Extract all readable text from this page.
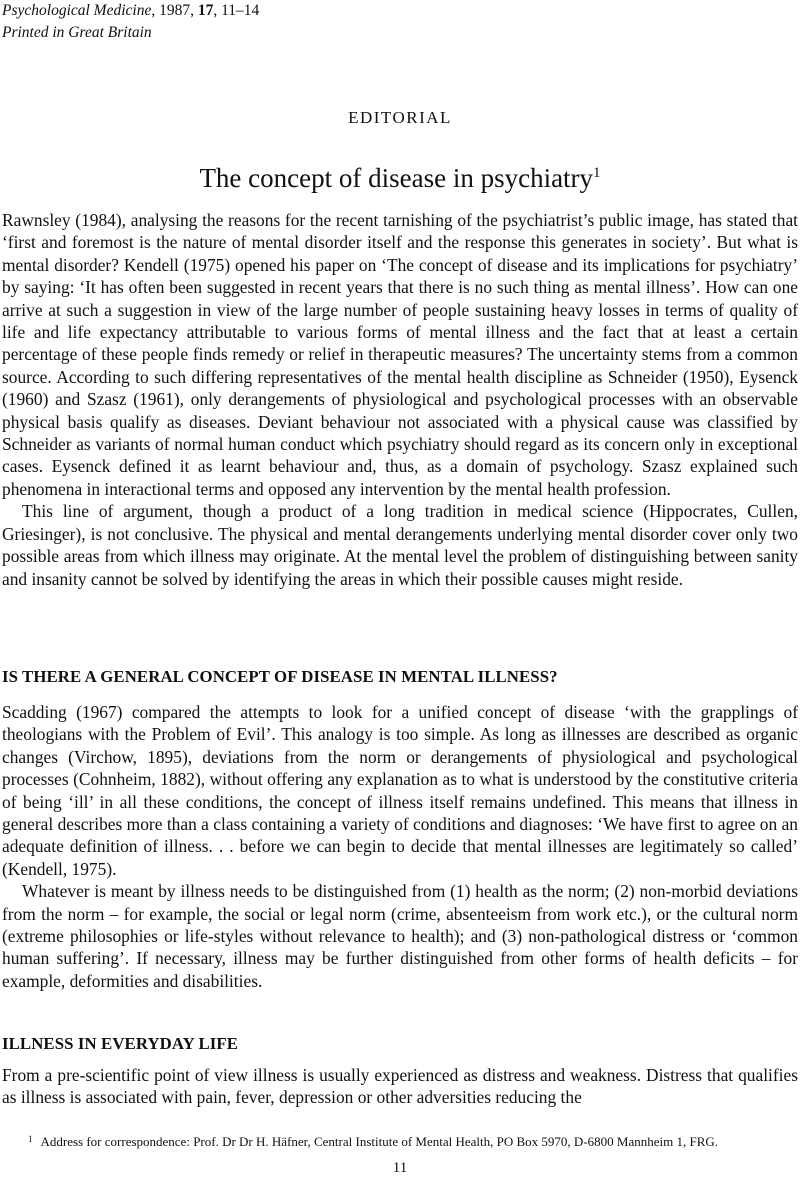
Psychological Medicine, 1987, 17, 11–14
Printed in Great Britain
EDITORIAL
The concept of disease in psychiatry$^1$

Rawnsley (1984), analysing the reasons for the recent tarnishing of the psychiatrist’s public image, has stated that ‘first and foremost is the nature of mental disorder itself and the response this generates in society’. But what is mental disorder? Kendell (1975) opened his paper on ‘The concept of disease and its implications for psychiatry’ by saying: ‘It has often been suggested in recent years that there is no such thing as mental illness’. How can one arrive at such a suggestion in view of the large number of people sustaining heavy losses in terms of quality of life and life expectancy attributable to various forms of mental illness and the fact that at least a certain percentage of these people finds remedy or relief in therapeutic measures? The uncertainty stems from a common source. According to such differing representatives of the mental health discipline as Schneider (1950), Eysenck (1960) and Szasz (1961), only derangements of physiological and psychological processes with an observable physical basis qualify as diseases. Deviant behaviour not associated with a physical cause was classified by Schneider as variants of normal human conduct which psychiatry should regard as its concern only in exceptional cases. Eysenck defined it as learnt behaviour and, thus, as a domain of psychology. Szasz explained such phenomena in interactional terms and opposed any intervention by the mental health profession.

This line of argument, though a product of a long tradition in medical science (Hippocrates, Cullen, Griesinger), is not conclusive. The physical and mental derangements underlying mental disorder cover only two possible areas from which illness may originate. At the mental level the problem of distinguishing between sanity and insanity cannot be solved by identifying the areas in which their possible causes might reside.

IS THERE A GENERAL CONCEPT OF DISEASE IN MENTAL ILLNESS?

Scadding (1967) compared the attempts to look for a unified concept of disease ‘with the grapplings of theologians with the Problem of Evil’. This analogy is too simple. As long as illnesses are described as organic changes (Virchow, 1895), deviations from the norm or derangements of physiological and psychological processes (Cohnheim, 1882), without offering any explanation as to what is understood by the constitutive criteria of being ‘ill’ in all these conditions, the concept of illness itself remains undefined. This means that illness in general describes more than a class containing a variety of conditions and diagnoses: ‘We have first to agree on an adequate definition of illness. . . before we can begin to decide that mental illnesses are legitimately so called’ (Kendell, 1975).

Whatever is meant by illness needs to be distinguished from (1) health as the norm; (2) non-morbid deviations from the norm – for example, the social or legal norm (crime, absenteeism from work etc.), or the cultural norm (extreme philosophies or life-styles without relevance to health); and (3) non-pathological distress or ‘common human suffering’. If necessary, illness may be further distinguished from other forms of health deficits – for example, deformities and disabilities.

ILLNESS IN EVERYDAY LIFE

From a pre-scientific point of view illness is usually experienced as distress and weakness. Distress that qualifies as illness is associated with pain, fever, depression or other adversities reducing the

$^1$ Address for correspondence: Prof. Dr Dr H. Häfner, Central Institute of Mental Health, PO Box 5970, D-6800 Mannheim 1, FRG.
11
